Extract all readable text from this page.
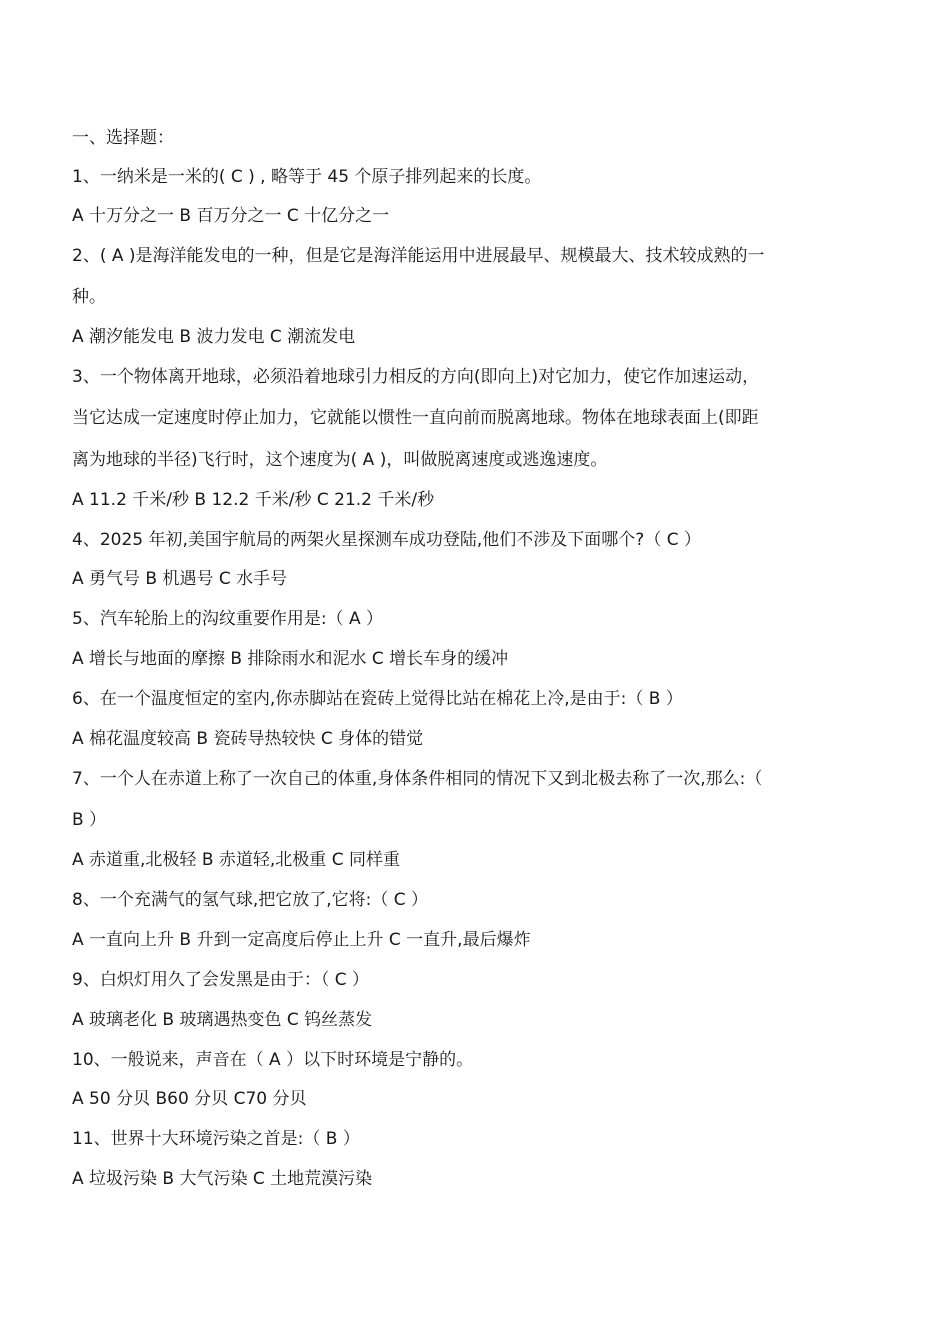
一、选择题：
1、一纳米是一米的( C ) , 略等于 45 个原子排列起来的长度。
A 十万分之一 B 百万分之一 C 十亿分之一
2、( A )是海洋能发电的一种，但是它是海洋能运用中进展最早、规模最大、技术较成熟的一
种。
A 潮汐能发电 B 波力发电 C 潮流发电
3、一个物体离开地球，必须沿着地球引力相反的方向(即向上)对它加力，使它作加速运动，
当它达成一定速度时停止加力，它就能以惯性一直向前而脱离地球。物体在地球表面上(即距
离为地球的半径)飞行时，这个速度为( A )，叫做脱离速度或逃逸速度。
A 11.2 千米/秒 B 12.2 千米/秒 C 21.2 千米/秒
4、2025 年初,美国宇航局的两架火星探测车成功登陆,他们不涉及下面哪个?（ C ）
A 勇气号 B 机遇号 C 水手号
5、汽车轮胎上的沟纹重要作用是:（ A ）
A 增长与地面的摩擦 B 排除雨水和泥水 C 增长车身的缓冲
6、在一个温度恒定的室内,你赤脚站在瓷砖上觉得比站在棉花上冷,是由于:（ B ）
A 棉花温度较高 B 瓷砖导热较快 C 身体的错觉
7、一个人在赤道上称了一次自己的体重,身体条件相同的情况下又到北极去称了一次,那么:（
B ）
A 赤道重,北极轻 B 赤道轻,北极重 C 同样重
8、一个充满气的氢气球,把它放了,它将:（ C ）
A 一直向上升 B 升到一定高度后停止上升 C 一直升,最后爆炸
9、白炽灯用久了会发黑是由于：（ C ）
A 玻璃老化 B 玻璃遇热变色 C 钨丝蒸发
10、一般说来，声音在（ A ）以下时环境是宁静的。
A 50 分贝 B60 分贝 C70 分贝
11、世界十大环境污染之首是:（ B ）
A 垃圾污染 B 大气污染 C 土地荒漠污染
